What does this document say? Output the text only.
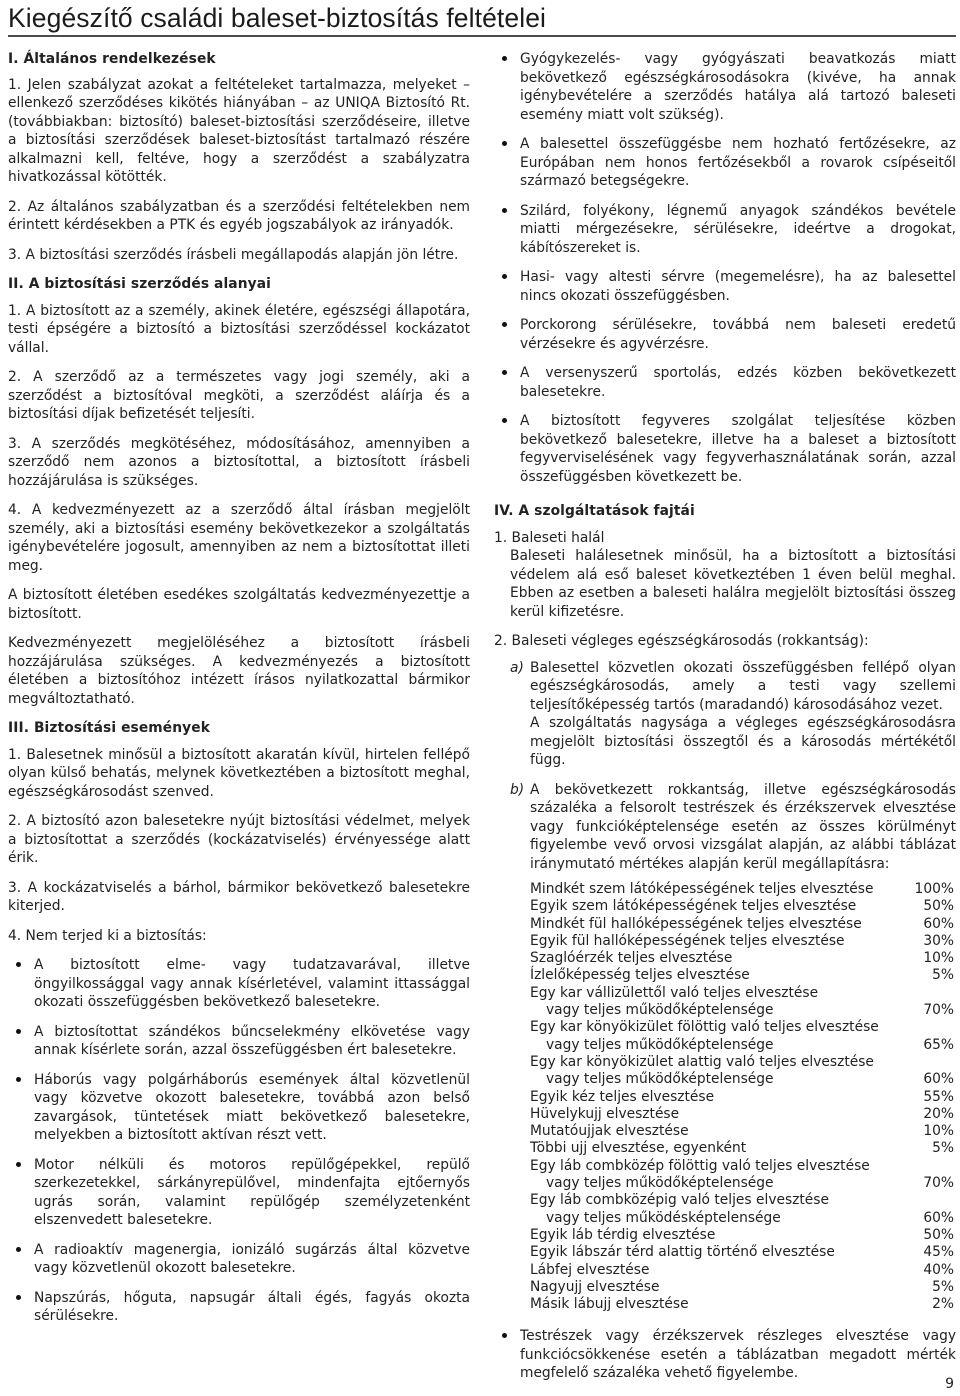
Kiegészítő családi baleset-biztosítás feltételei
I. Általános rendelkezések
1. Jelen szabályzat azokat a feltételeket tartalmazza, melyeket – ellenkező szerződéses kikötés hiányában – az UNIQA Biztosító Rt. (továbbiakban: biztosító) baleset-biztosítási szerződéseire, illetve a biztosítási szerződések baleset-biztosítást tartalmazó részére alkalmazni kell, feltéve, hogy a szerződést a szabályzatra hivatkozással kötötték.
2. Az általános szabályzatban és a szerződési feltételekben nem érintett kérdésekben a PTK és egyéb jogszabályok az irányadók.
3. A biztosítási szerződés írásbeli megállapodás alapján jön létre.
II. A biztosítási szerződés alanyai
1. A biztosított az a személy, akinek életére, egészségi állapotára, testi épségére a biztosító a biztosítási szerződéssel kockázatot vállal.
2. A szerződő az a természetes vagy jogi személy, aki a szerződést a biztosítóval megköti, a szerződést aláírja és a biztosítási díjak befizetését teljesíti.
3. A szerződés megkötéséhez, módosításához, amennyiben a szerződő nem azonos a biztosítottal, a biztosított írásbeli hozzájárulása is szükséges.
4. A kedvezményezett az a szerződő által írásban megjelölt személy, aki a biztosítási esemény bekövetkezekor a szolgáltatás igénybevételére jogosult, amennyiben az nem a biztosítottat illeti meg.
A biztosított életében esedékes szolgáltatás kedvezményezettje a biztosított.
Kedvezményezett megjelöléséhez a biztosított írásbeli hozzájárulása szükséges. A kedvezményezés a biztosított életében a biztosítóhoz intézett írásos nyilatkozattal bármikor megváltoztatható.
III. Biztosítási események
1. Balesetnek minősül a biztosított akaratán kívül, hirtelen fellépő olyan külső behatás, melynek következtében a biztosított meghal, egészségkárosodást szenved.
2. A biztosító azon balesetekre nyújt biztosítási védelmet, melyek a biztosítottat a szerződés (kockázatviselés) érvényessége alatt érik.
3. A kockázatviselés a bárhol, bármikor bekövetkező balesetekre kiterjed.
4. Nem terjed ki a biztosítás:
A biztosított elme- vagy tudatzavarával, illetve öngyilkossággal vagy annak kísérletével, valamint ittassággal okozati összefüggésben bekövetkező balesetekre.
A biztosítottat szándékos bűncselekmény elkövetése vagy annak kísérlete során, azzal összefüggésben ért balesetekre.
Háborús vagy polgárháborús események által közvetlenül vagy közvetve okozott balesetekre, továbbá azon belső zavargások, tüntetések miatt bekövetkező balesetekre, melyekben a biztosított aktívan részt vett.
Motor nélküli és motoros repülőgépekkel, repülő szerkezetekkel, sárkányrepülővel, mindenfajta ejtőernyős ugrás során, valamint repülőgép személyzetenként elszenvedett balesetekre.
A radioaktív magenergia, ionizáló sugárzás által közvetve vagy közvetlenül okozott balesetekre.
Napszúrás, hőguta, napsugár általi égés, fagyás okozta sérülésekre.
Gyógykezelés- vagy gyógyászati beavatkozás miatt bekövetkező egészségkárosodásokra (kivéve, ha annak igénybevételére a szerződés hatálya alá tartozó baleseti esemény miatt volt szükség).
A balesettel összefüggésbe nem hozható fertőzésekre, az Európában nem honos fertőzésekből a rovarok csípéseitől származó betegségekre.
Szilárd, folyékony, légnemű anyagok szándékos bevétele miatti mérgezésekre, sérülésekre, ideértve a drogokat, kábítószereket is.
Hasi- vagy altesti sérvre (megemelésre), ha az balesettel nincs okozati összefüggésben.
Porckorong sérülésekre, továbbá nem baleseti eredetű vérzésekre és agyvérzésre.
A versenyszerű sportolás, edzés közben bekövetkezett balesetekre.
A biztosított fegyveres szolgálat teljesítése közben bekövetkező balesetekre, illetve ha a baleset a biztosított fegyverviselésének vagy fegyverhasználatának során, azzal összefüggésben következett be.
IV. A szolgáltatások fajtái
1. Baleseti halál
Baleseti halálesetnek minősül, ha a biztosított a biztosítási védelem alá eső baleset következtében 1 éven belül meghal. Ebben az esetben a baleseti halálra megjelölt biztosítási összeg kerül kifizetésre.
2. Baleseti végleges egészségkárosodás (rokkantság):
a) Balesettel közvetlen okozati összefüggésben fellépő olyan egészségkárosodás, amely a testi vagy szellemi teljesítőképesség tartós (maradandó) károsodásához vezet.
A szolgáltatás nagysága a végleges egészségkárosodásra megjelölt biztosítási összegtől és a károsodás mértékétől függ.
b) A bekövetkezett rokkantság, illetve egészségkárosodás százaléka a felsorolt testrészek és érzékszervek elvesztése vagy funkcióképtelensége esetén az összes körülményt figyelembe vevő orvosi vizsgálat alapján, az alábbi táblázat iránymutató mértékes alapján kerül megállapításra:
Mindkét szem látóképességének teljes elvesztése	100%
Egyik szem látóképességének teljes elvesztése	50%
Mindkét fül hallóképességének teljes elvesztése	60%
Egyik fül hallóképességének teljes elvesztése	30%
Szaglóérzék teljes elvesztése	10%
Ízlelőképesség teljes elvesztése	5%
Egy kar vállizülettől való teljes elvesztése
vagy teljes működőképtelensége	70%
Egy kar könyökizület fölöttig való teljes elvesztése
vagy teljes működőképtelensége	65%
Egy kar könyökizület alattig való teljes elvesztése
vagy teljes működőképtelensége	60%
Egyik kéz teljes elvesztése	55%
Hüvelykujj elvesztése	20%
Mutatóujjak elvesztése	10%
Többi ujj elvesztése, egyenként	5%
Egy láb combközép fölöttig való teljes elvesztése
vagy teljes működőképtelensége	70%
Egy láb combközépig való teljes elvesztése
vagy teljes működésképtelensége	60%
Egyik láb térdig elvesztése	50%
Egyik lábszár térd alattig történő elvesztése	45%
Lábfej elvesztése	40%
Nagyujj elvesztése	5%
Másik lábujj elvesztése	2%
Testrészek vagy érzékszervek részleges elvesztése vagy funkciócsökkenése esetén a táblázatban megadott mérték megfelelő százaléka vehető figyelembe.
9
